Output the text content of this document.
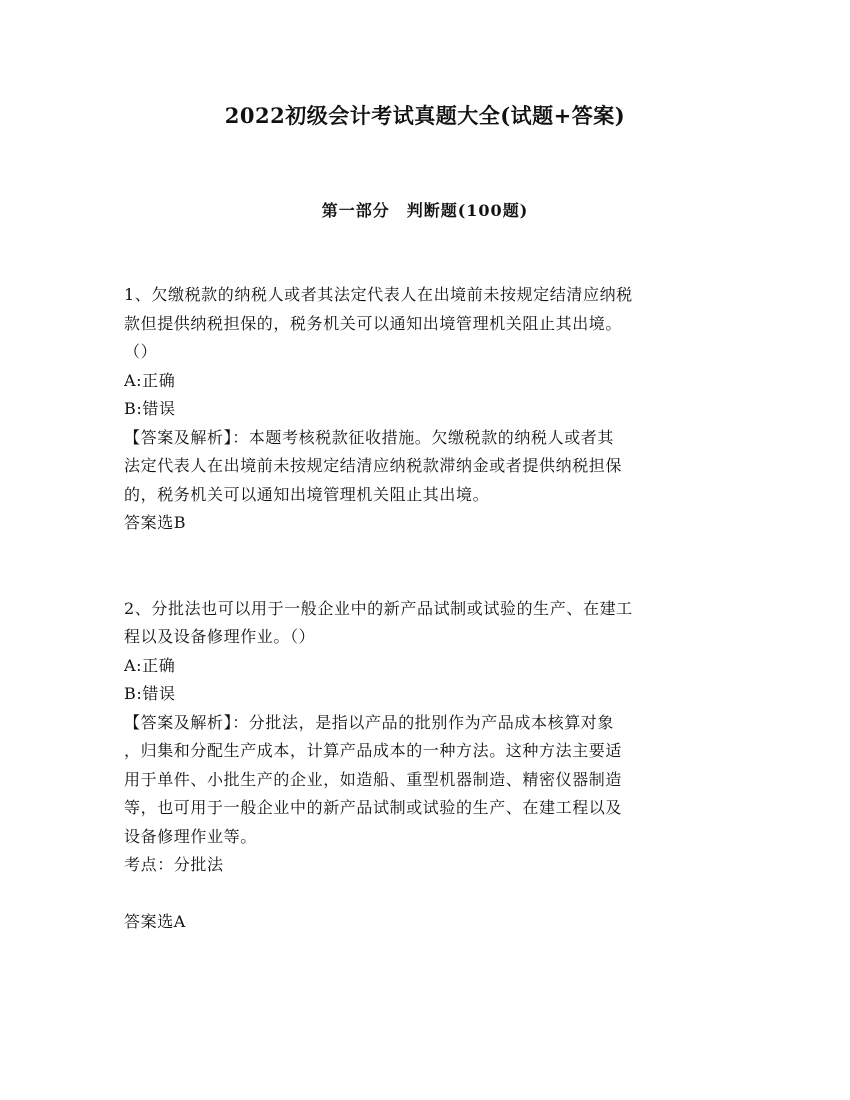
2022初级会计考试真题大全(试题+答案)
第一部分　判断题(100题)
1、欠缴税款的纳税人或者其法定代表人在出境前未按规定结清应纳税
款但提供纳税担保的，税务机关可以通知出境管理机关阻止其出境。
（）
A:正确
B:错误
【答案及解析】：本题考核税款征收措施。欠缴税款的纳税人或者其
法定代表人在出境前未按规定结清应纳税款滞纳金或者提供纳税担保
的，税务机关可以通知出境管理机关阻止其出境。
答案选B
2、分批法也可以用于一般企业中的新产品试制或试验的生产、在建工
程以及设备修理作业。（）
A:正确
B:错误
【答案及解析】：分批法，是指以产品的批别作为产品成本核算对象
，归集和分配生产成本，计算产品成本的一种方法。这种方法主要适
用于单件、小批生产的企业，如造船、重型机器制造、精密仪器制造
等，也可用于一般企业中的新产品试制或试验的生产、在建工程以及
设备修理作业等。
考点：分批法
答案选A
